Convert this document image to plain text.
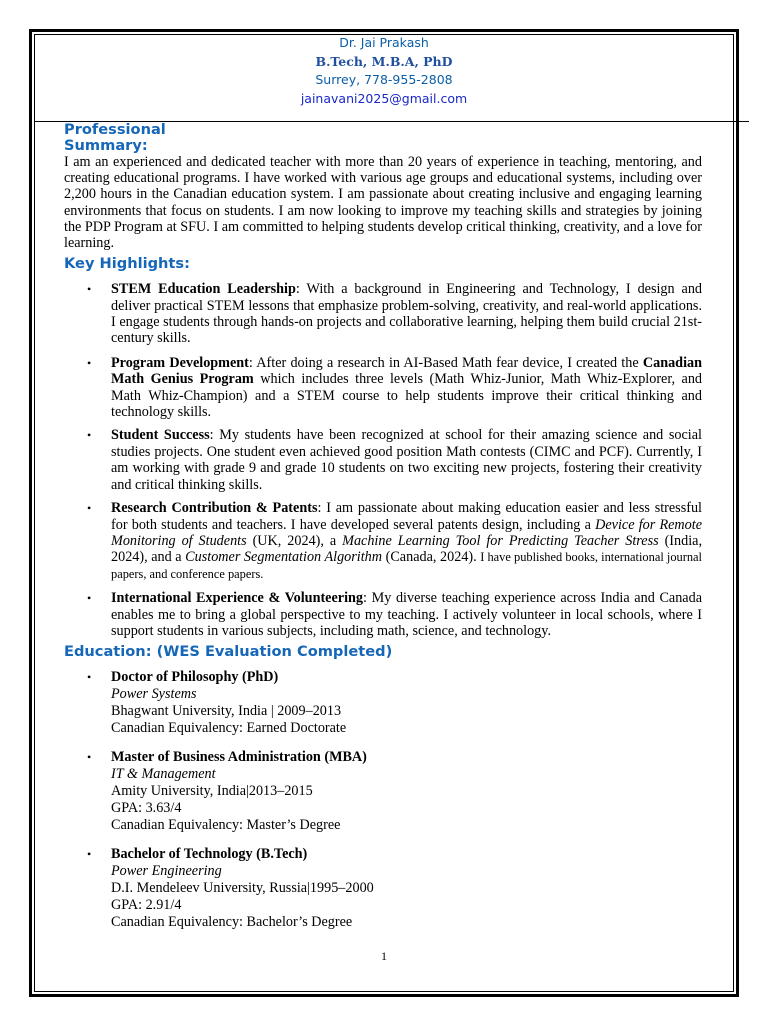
Dr. Jai Prakash
B.Tech, M.B.A, PhD
Surrey, 778-955-2808
jainavani2025@gmail.com
Professional
Summary:

I am an experienced and dedicated teacher with more than 20 years of experience in teaching, mentoring, and creating educational programs. I have worked with various age groups and educational systems, including over 2,200 hours in the Canadian education system. I am passionate about creating inclusive and engaging learning environments that focus on students. I am now looking to improve my teaching skills and strategies by joining the PDP Program at SFU. I am committed to helping students develop critical thinking, creativity, and a love for learning.

Key Highlights:
• STEM Education Leadership: With a background in Engineering and Technology, I design and deliver practical STEM lessons that emphasize problem-solving, creativity, and real-world applications. I engage students through hands-on projects and collaborative learning, helping them build crucial 21st-century skills.
• Program Development: After doing a research in AI-Based Math fear device, I created the Canadian Math Genius Program which includes three levels (Math Whiz-Junior, Math Whiz-Explorer, and Math Whiz-Champion) and a STEM course to help students improve their critical thinking and technology skills.
• Student Success: My students have been recognized at school for their amazing science and social studies projects. One student even achieved good position Math contests (CIMC and PCF). Currently, I am working with grade 9 and grade 10 students on two exciting new projects, fostering their creativity and critical thinking skills.
• Research Contribution & Patents: I am passionate about making education easier and less stressful for both students and teachers. I have developed several patents design, including a Device for Remote Monitoring of Students (UK, 2024), a Machine Learning Tool for Predicting Teacher Stress (India, 2024), and a Customer Segmentation Algorithm (Canada, 2024). I have published books, international journal papers, and conference papers.
• International Experience & Volunteering: My diverse teaching experience across India and Canada enables me to bring a global perspective to my teaching. I actively volunteer in local schools, where I support students in various subjects, including math, science, and technology.
Education: (WES Evaluation Completed)
• Doctor of Philosophy (PhD)
Power Systems
Bhagwant University, India | 2009–2013
Canadian Equivalency: Earned Doctorate
• Master of Business Administration (MBA)
IT & Management
Amity University, India|2013–2015
GPA: 3.63/4
Canadian Equivalency: Master’s Degree
• Bachelor of Technology (B.Tech)
Power Engineering
D.I. Mendeleev University, Russia|1995–2000
GPA: 2.91/4
Canadian Equivalency: Bachelor’s Degree
1
